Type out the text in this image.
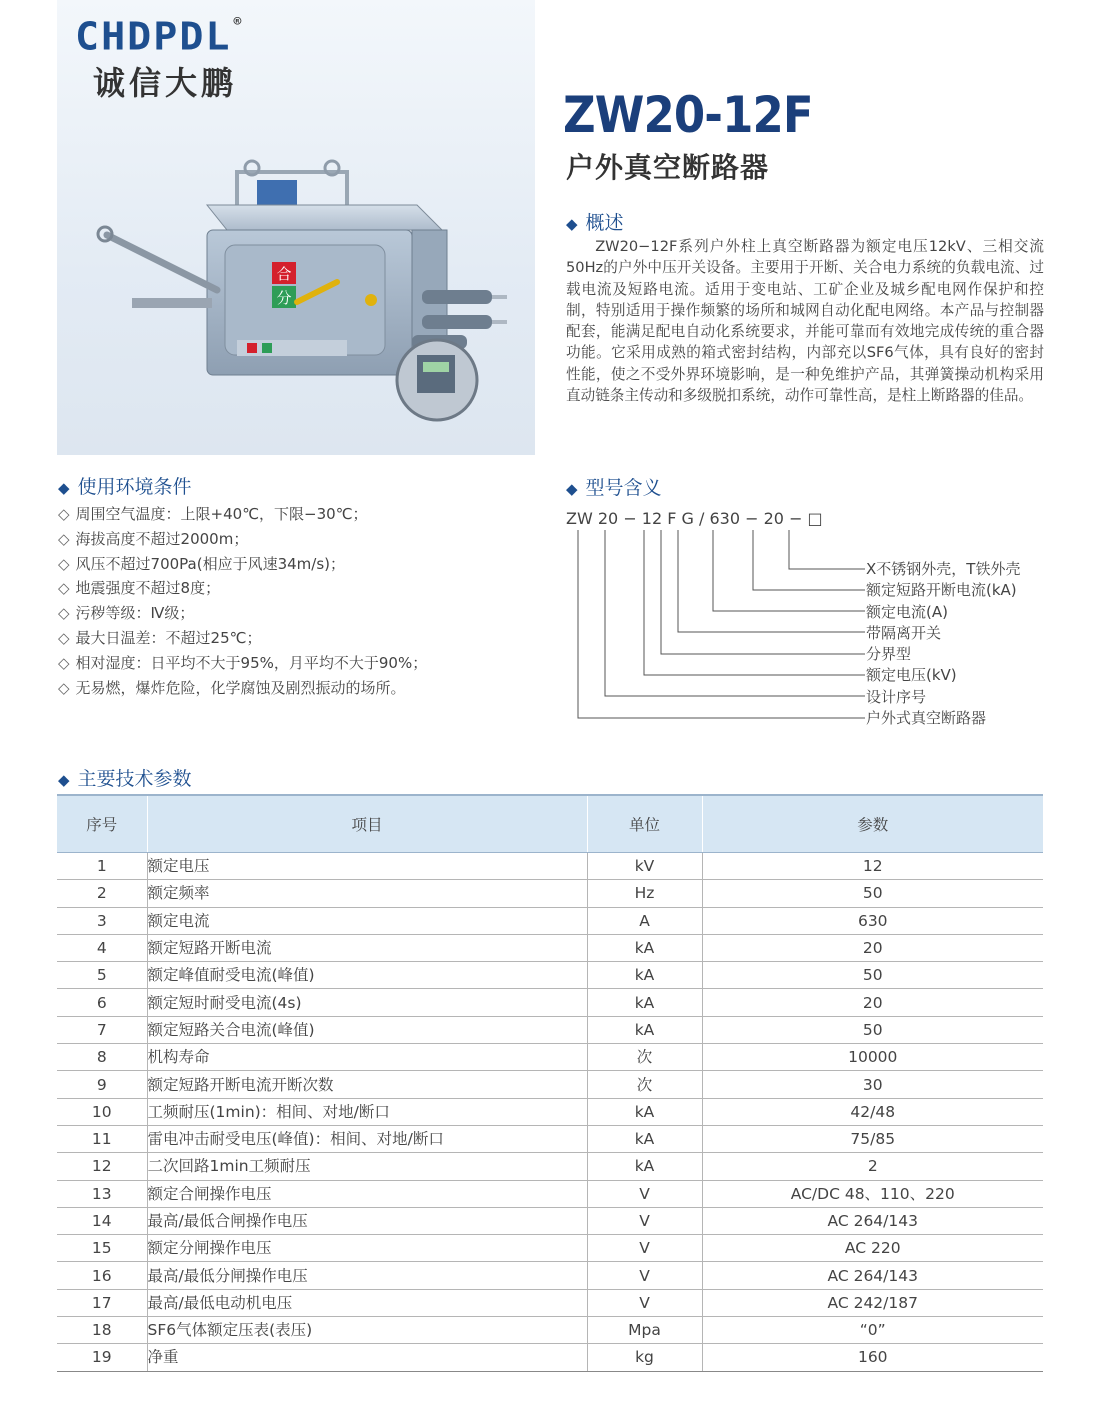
CHDPDL ®
诚信大鹏
合
分
ZW20-12F
户外真空断路器
◆ 概述
ZW20−12F系列户外柱上真空断路器为额定电压12kV、三相交流50Hz的户外中压开关设备。主要用于开断、关合电力系统的负载电流、过载电流及短路电流。适用于变电站、工矿企业及城乡配电网作保护和控制，特别适用于操作频繁的场所和城网自动化配电网络。本产品与控制器配套，能满足配电自动化系统要求，并能可靠而有效地完成传统的重合器功能。它采用成熟的箱式密封结构，内部充以SF6气体，具有良好的密封性能，使之不受外界环境影响，是一种免维护产品，其弹簧操动机构采用直动链条主传动和多级脱扣系统，动作可靠性高，是柱上断路器的佳品。
◆ 使用环境条件
◇ 周围空气温度：上限+40℃，下限−30℃；
◇ 海拔高度不超过2000m；
◇ 风压不超过700Pa(相应于风速34m/s)；
◇ 地震强度不超过8度；
◇ 污秽等级：Ⅳ级；
◇ 最大日温差：不超过25℃；
◇ 相对湿度：日平均不大于95%，月平均不大于90%；
◇ 无易燃，爆炸危险，化学腐蚀及剧烈振动的场所。
◆ 型号含义
ZW 20 − 12 F G / 630 − 20 − □
X不锈钢外壳，T铁外壳
额定短路开断电流(kA)
额定电流(A)
带隔离开关
分界型
额定电压(kV)
设计序号
户外式真空断路器
◆ 主要技术参数
序号	项目	单位	参数
1	额定电压	kV	12
2	额定频率	Hz	50
3	额定电流	A	630
4	额定短路开断电流	kA	20
5	额定峰值耐受电流(峰值)	kA	50
6	额定短时耐受电流(4s)	kA	20
7	额定短路关合电流(峰值)	kA	50
8	机构寿命	次	10000
9	额定短路开断电流开断次数	次	30
10	工频耐压(1min)：相间、对地/断口	kA	42/48
11	雷电冲击耐受电压(峰值)：相间、对地/断口	kA	75/85
12	二次回路1min工频耐压	kA	2
13	额定合闸操作电压	V	AC/DC 48、110、220
14	最高/最低合闸操作电压	V	AC 264/143
15	额定分闸操作电压	V	AC 220
16	最高/最低分闸操作电压	V	AC 264/143
17	最高/最低电动机电压	V	AC 242/187
18	SF6气体额定压表(表压)	Mpa	“0”
19	净重	kg	160
